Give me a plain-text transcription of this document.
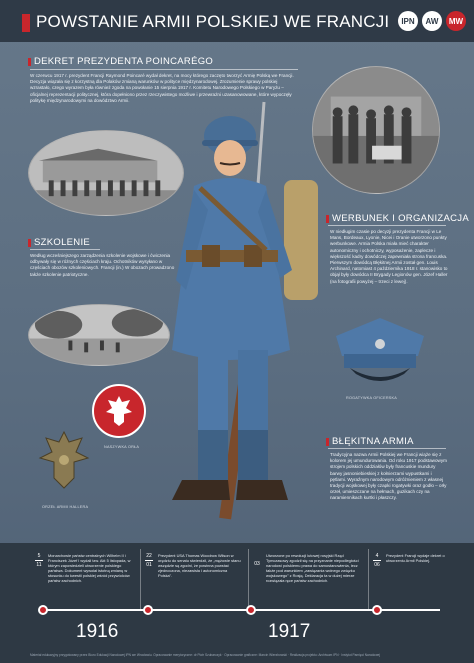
POWSTANIE ARMII POLSKIEJ WE FRANCJI	IPN	AW	MW
DEKRET PREZYDENTA POINCARÉGO
W czerwcu 1917 r. prezydent Francji Raymond Poincaré wydał dekret, na mocy którego zaczęto tworzyć Armię Polską we Francji. Decyzja wiązała się z korzystną dla Polaków zmianą warunków w polityce międzynarodowej. Zrozumienie sprawy polskiej wzrastało, czego wyrazem była również zgoda na powołanie 15 sierpnia 1917 r. Komitetu Narodowego Polskiego w Paryżu – oficjalnej reprezentacji politycznej, która dopełniono przez rzeczywistego możliwe i przewrażni uzasanowowane, które wypoczęły politykę międzynarodowymi na dowództwo Armii.
SZKOLENIE
Według wcześniejszego zarządzenia szkolenie wojskowe i ćwiczenia odbywały się w różnych częściach kraju. Ochotników wysyłano w częściach obozów szkoleniowych. Francji (in.) W obozach prowadzono także szkolenie patriotyczne.
NASZYWKA ORŁA
ORZEŁ ARMII HALLERA
WERBUNEK I ORGANIZACJA
W niedługim czasie po decyzji prezydenta Francji w Le Mans, Bordeaux, Lyonie, Nicei i Oranie utworzono punkty werbunkowe. Armia Polska miała mieć charakter autonomiczny i ochotniczy, wyposażenie, zaplecze i większość kadry dowódczej zapewniała strona francuska. Pierwszym dowódcą Błękitnej Armii został gen. Louis Archinard, natomiast 4 października 1918 r. stanowisko to objął były dowódca II Brygady Legionów gen. Józef Haller (na fotografii powyżej – trzeci z lewej).
ROGATYWKA OFICERSKA
BŁĘKITNA ARMIA
Tradycyjna nazwa Armii Polskiej we Francji wiąże się z kolorem jej umundurowania. Od roku 1917 podstawowym strojem polskich oddziałów były francuskie mundury barwy jasnoniebieskiej z kołnierzami wypustkami i pętlami. Wyraźnym narodowym odróżnieniem z własnej tradycji wojskowej były czapki rogatywki oraz godło – orły orzeł, umieszczane na hełmach, guzikach czy na naramiennikach kurtki i płaszczy.
5
11
Monarchowie państw centralnych Wilhelm II i Franciszek Józef I wydali tzw. Akt 5 listopada, w którym zapowiedzieli utworzenie polskiego państwa. Dokument wywołał istotną zmianę w stosunku do kwestii polskiej wśród przywódców państw zachodnich.
22
01
Prezydent USA Thomas Woodrow Wilson w orędziu do senatu stwierdził, że „mężowie stanu wszędzie są zgodni, że powinna powstać zjednoczona, niezawisła i autonomiczna Polska”.
03
Utworzone po rewolucji lutowej rosyjski Rząd Tymczasowy zgodził się na przyznanie niepodległości narodowi polskiemu prawa do samostanowienia, lecz także pod warunkiem „zawiązania wolnego związku wojskowego” z Rosją. Deklaracja ta w dużej mierze rozwiązała ręce państw zachodnich.
4
06
Prezydent Francji wydaje dekret o utworzeniu Armii Polskiej.
1916	1917
Materiał edukacyjny przygotowany przez Biuro Edukacji Narodowej IPN we Wrocławiu. Opracowanie merytoryczne: dr Piotr Szubarczyk · Opracowanie graficzne: Marcin Wierzbowski · Realizacja projektu: Archiwum IPN · Instytut Pamięci Narodowej
